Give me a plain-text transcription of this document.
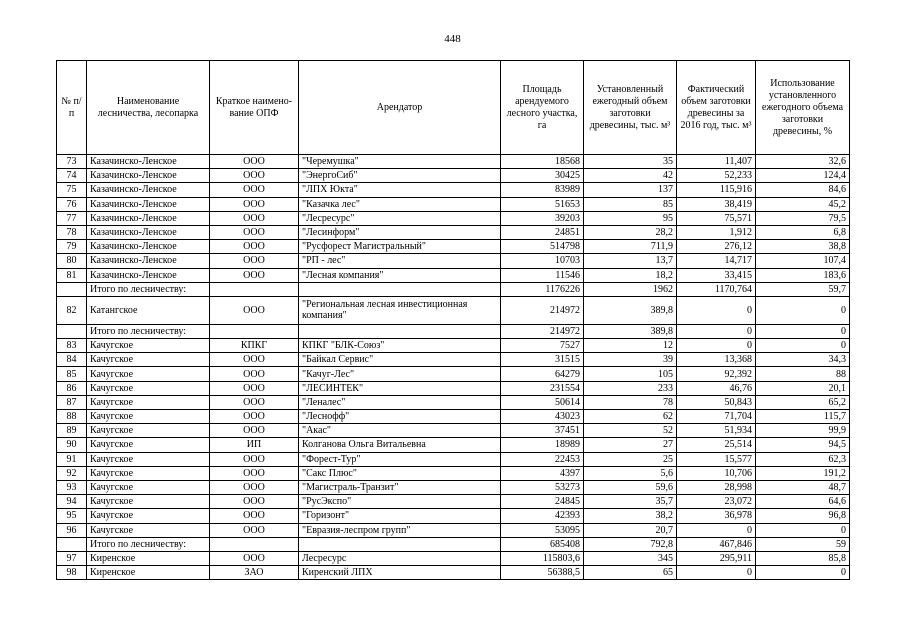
448
№ п/п	Наименование лесничества, лесопарка	Краткое наимено-вание ОПФ	Арендатор	Площадь арендуемого лесного участка, га	Установленный ежегодный объем заготовки древесины, тыс. м³	Фактический объем заготовки древесины за 2016 год, тыс. м³	Использование установленного ежегодного объема заготовки древесины, %
73	Казачинско-Ленское	ООО	"Черемушка"	18568	35	11,407	32,6
74	Казачинско-Ленское	ООО	"ЭнергоСиб"	30425	42	52,233	124,4
75	Казачинско-Ленское	ООО	"ЛПХ Юкта"	83989	137	115,916	84,6
76	Казачинско-Ленское	ООО	"Казачка лес"	51653	85	38,419	45,2
77	Казачинско-Ленское	ООО	"Лесресурс"	39203	95	75,571	79,5
78	Казачинско-Ленское	ООО	"Лесинформ"	24851	28,2	1,912	6,8
79	Казачинско-Ленское	ООО	"Русфорест Магистральный"	514798	711,9	276,12	38,8
80	Казачинско-Ленское	ООО	"РП - лес"	10703	13,7	14,717	107,4
81	Казачинско-Ленское	ООО	"Лесная компания"	11546	18,2	33,415	183,6
	Итого по лесничеству:			1176226	1962	1170,764	59,7
82	Катангское	ООО	"Региональная лесная инвестиционная компания"	214972	389,8	0	0
	Итого по лесничеству:			214972	389,8	0	0
83	Качугское	КПКГ	КПКГ "БЛК-Союз"	7527	12	0	0
84	Качугское	ООО	"Байкал Сервис"	31515	39	13,368	34,3
85	Качугское	ООО	"Качуг-Лес"	64279	105	92,392	88
86	Качугское	ООО	"ЛЕСИНТЕК"	231554	233	46,76	20,1
87	Качугское	ООО	"Леналес"	50614	78	50,843	65,2
88	Качугское	ООО	"Леснофф"	43023	62	71,704	115,7
89	Качугское	ООО	"Акас"	37451	52	51,934	99,9
90	Качугское	ИП	Колганова Ольга Витальевна	18989	27	25,514	94,5
91	Качугское	ООО	"Форест-Тур"	22453	25	15,577	62,3
92	Качугское	ООО	"Сакс Плюс"	4397	5,6	10,706	191,2
93	Качугское	ООО	"Магистраль-Транзит"	53273	59,6	28,998	48,7
94	Качугское	ООО	"РусЭкспо"	24845	35,7	23,072	64,6
95	Качугское	ООО	"Горизонт"	42393	38,2	36,978	96,8
96	Качугское	ООО	"Евразия-леспром групп"	53095	20,7	0	0
	Итого по лесничеству:			685408	792,8	467,846	59
97	Киренское	ООО	Лесресурс	115803,6	345	295,911	85,8
98	Киренское	ЗАО	Киренский ЛПХ	56388,5	65	0	0
